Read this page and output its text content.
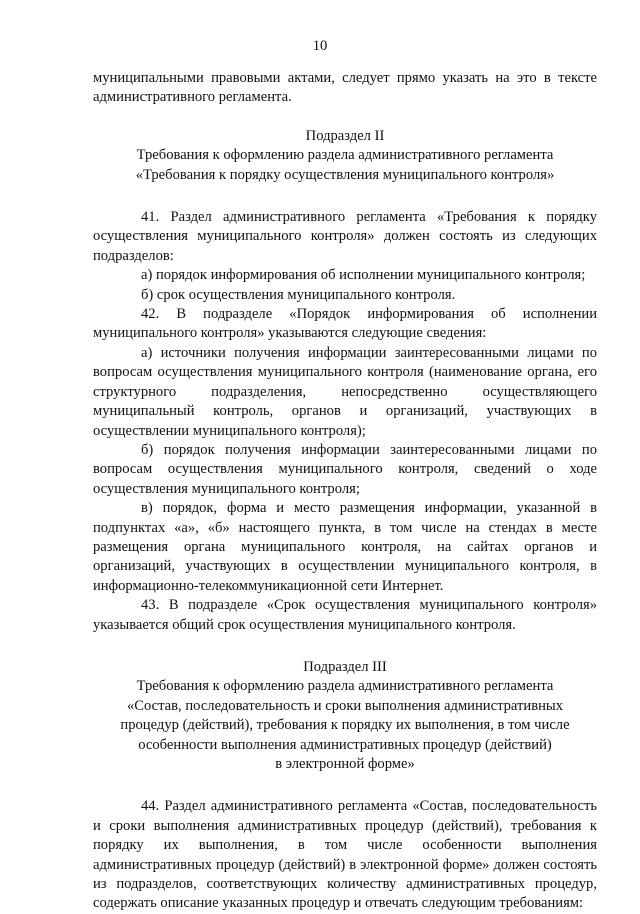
10

муниципальными правовыми актами, следует прямо указать на это в тексте административного регламента.

Подраздел II

Требования к оформлению раздела административного регламента

«Требования к порядку осуществления муниципального контроля»

41. Раздел административного регламента «Требования к порядку осуществления муниципального контроля» должен состоять из следующих подразделов:

а) порядок информирования об исполнении муниципального контроля;

б) срок осуществления муниципального контроля.

42. В подразделе «Порядок информирования об исполнении муниципального контроля» указываются следующие сведения:

а) источники получения информации заинтересованными лицами по вопросам осуществления муниципального контроля (наименование органа, его структурного подразделения, непосредственно осуществляющего муниципальный контроль, органов и организаций, участвующих в осуществлении муниципального контроля);

б) порядок получения информации заинтересованными лицами по вопросам осуществления муниципального контроля, сведений о ходе осуществления муниципального контроля;

в) порядок, форма и место размещения информации, указанной в подпунктах «а», «б» настоящего пункта, в том числе на стендах в месте размещения органа муниципального контроля, на сайтах органов и организаций, участвующих в осуществлении муниципального контроля, в информационно-телекоммуникационной сети Интернет.

43. В подразделе «Срок осуществления муниципального контроля» указывается общий срок осуществления муниципального контроля.

Подраздел III

Требования к оформлению раздела административного регламента

«Состав, последовательность и сроки выполнения административных

процедур (действий), требования к порядку их выполнения, в том числе

особенности выполнения административных процедур (действий)

в электронной форме»

44. Раздел административного регламента «Состав, последовательность и сроки выполнения административных процедур (действий), требования к порядку их выполнения, в том числе особенности выполнения административных процедур (действий) в электронной форме» должен состоять из подразделов, соответствующих количеству административных процедур, содержать описание указанных процедур и отвечать следующим требованиям:
